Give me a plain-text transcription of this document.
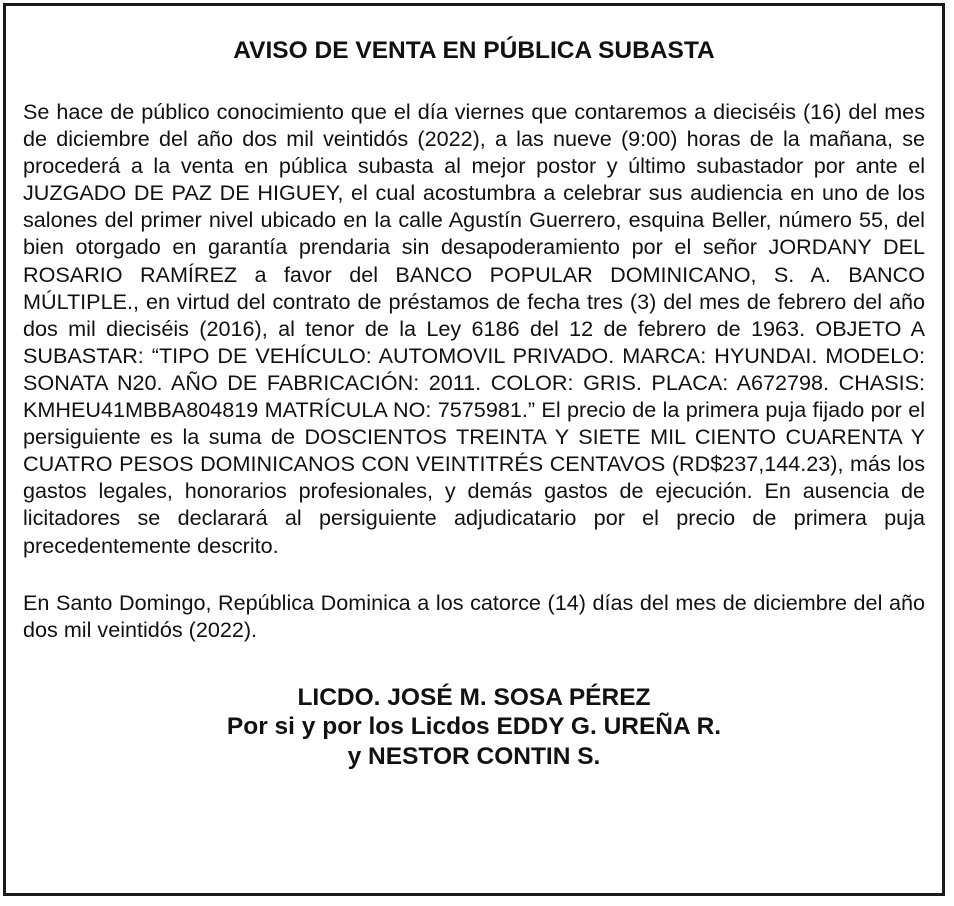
AVISO DE VENTA EN PÚBLICA SUBASTA

Se hace de público conocimiento que el día viernes que contaremos a dieciséis (16) del mes de diciembre del año dos mil veintidós (2022), a las nueve (9:00) horas de la mañana, se procederá a la venta en pública subasta al mejor postor y último subastador por ante el JUZGADO DE PAZ DE HIGUEY, el cual acostumbra a celebrar sus audiencia en uno de los salones del primer nivel ubicado en la calle Agustín Guerrero, esquina Beller, número 55, del bien otorgado en garantía prendaria sin desapoderamiento por el señor JORDANY DEL ROSARIO RAMÍREZ a favor del BANCO POPULAR DOMINICANO, S. A. BANCO MÚLTIPLE., en virtud del contrato de préstamos de fecha tres (3) del mes de febrero del año dos mil dieciséis (2016), al tenor de la Ley 6186 del 12 de febrero de 1963. OBJETO A SUBASTAR: “TIPO DE VEHÍCULO: AUTOMOVIL PRIVADO. MARCA: HYUNDAI. MODELO: SONATA N20. AÑO DE FABRICACIÓN: 2011. COLOR: GRIS. PLACA: A672798. CHASIS: KMHEU41MBBA804819 MATRÍCULA NO: 7575981.” El precio de la primera puja fijado por el persiguiente es la suma de DOSCIENTOS TREINTA Y SIETE MIL CIENTO CUARENTA Y CUATRO PESOS DOMINICANOS CON VEINTITRÉS CENTAVOS (RD$237,144.23), más los gastos legales, honorarios profesionales, y demás gastos de ejecución. En ausencia de licitadores se declarará al persiguiente adjudicatario por el precio de primera puja precedentemente descrito.

En Santo Domingo, República Dominica a los catorce (14) días del mes de diciembre del año dos mil veintidós (2022).

LICDO. JOSÉ M. SOSA PÉREZ
Por si y por los Licdos EDDY G. UREÑA R.
y NESTOR CONTIN S.
